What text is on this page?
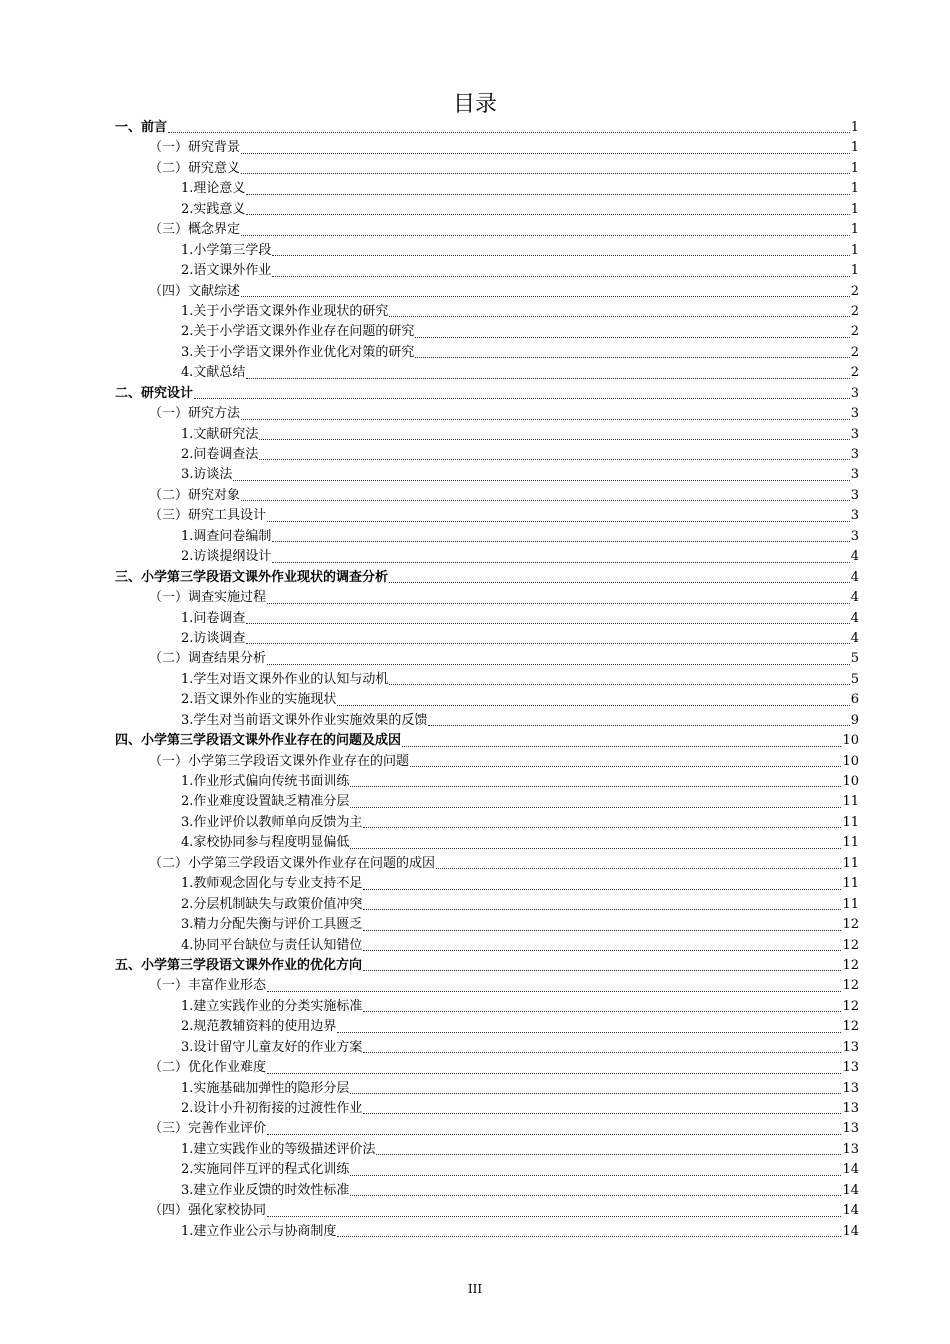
目录
一、前言	1
（一）研究背景	1
（二）研究意义	1
1.理论意义	1
2.实践意义	1
（三）概念界定	1
1.小学第三学段	1
2.语文课外作业	1
（四）文献综述	2
1.关于小学语文课外作业现状的研究	2
2.关于小学语文课外作业存在问题的研究	2
3.关于小学语文课外作业优化对策的研究	2
4.文献总结	2
二、研究设计	3
（一）研究方法	3
1.文献研究法	3
2.问卷调查法	3
3.访谈法	3
（二）研究对象	3
（三）研究工具设计	3
1.调查问卷编制	3
2.访谈提纲设计	4
三、小学第三学段语文课外作业现状的调查分析	4
（一）调查实施过程	4
1.问卷调查	4
2.访谈调查	4
（二）调查结果分析	5
1.学生对语文课外作业的认知与动机	5
2.语文课外作业的实施现状	6
3.学生对当前语文课外作业实施效果的反馈	9
四、小学第三学段语文课外作业存在的问题及成因	10
（一）小学第三学段语文课外作业存在的问题	10
1.作业形式偏向传统书面训练	10
2.作业难度设置缺乏精准分层	11
3.作业评价以教师单向反馈为主	11
4.家校协同参与程度明显偏低	11
（二）小学第三学段语文课外作业存在问题的成因	11
1.教师观念固化与专业支持不足	11
2.分层机制缺失与政策价值冲突	11
3.精力分配失衡与评价工具匮乏	12
4.协同平台缺位与责任认知错位	12
五、小学第三学段语文课外作业的优化方向	12
（一）丰富作业形态	12
1.建立实践作业的分类实施标准	12
2.规范教辅资料的使用边界	12
3.设计留守儿童友好的作业方案	13
（二）优化作业难度	13
1.实施基础加弹性的隐形分层	13
2.设计小升初衔接的过渡性作业	13
（三）完善作业评价	13
1.建立实践作业的等级描述评价法	13
2.实施同伴互评的程式化训练	14
3.建立作业反馈的时效性标准	14
（四）强化家校协同	14
1.建立作业公示与协商制度	14
III
